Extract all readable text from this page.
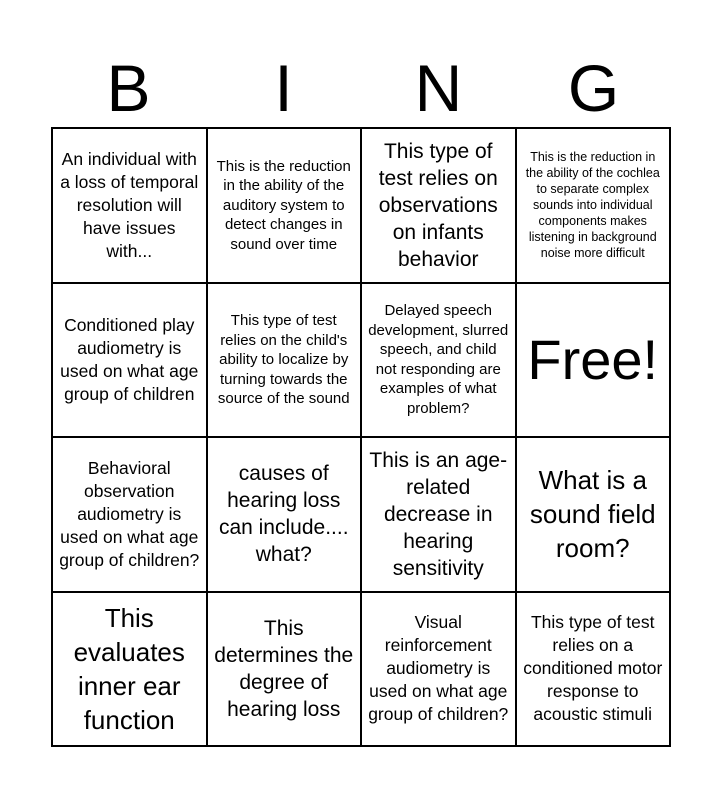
B	I	N	G
An individual with a loss of temporal resolution will have issues with...
This is the reduction in the ability of the auditory system to detect changes in sound over time
This type of test relies on observations on infants behavior
This is the reduction in the ability of the cochlea to separate complex sounds into individual components makes listening in background noise more difficult
Conditioned play audiometry is used on what age group of children
This type of test relies on the child's ability to localize by turning towards the source of the sound
Delayed speech development, slurred speech, and child not responding are examples of what problem?
Free!
Behavioral observation audiometry is used on what age group of children?
causes of hearing loss can include.... what?
This is an age-related decrease in hearing sensitivity
What is a sound field room?
This evaluates inner ear function
This determines the degree of hearing loss
Visual reinforcement audiometry is used on what age group of children?
This type of test relies on a conditioned motor response to acoustic stimuli
